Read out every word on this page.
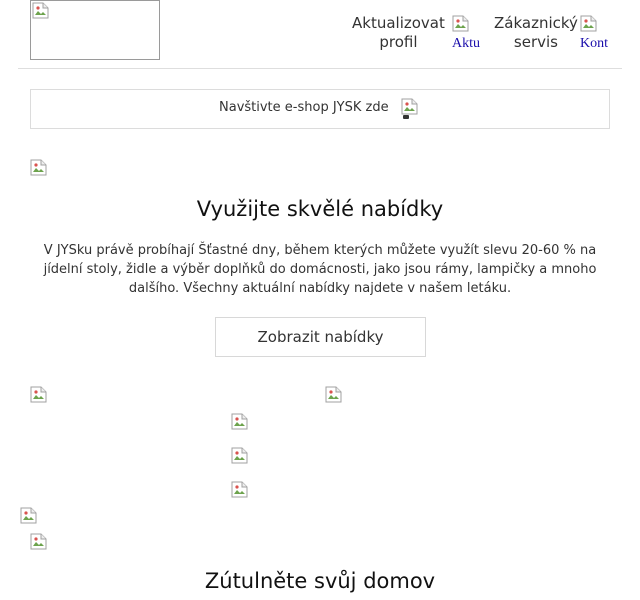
Aktualizovat
profil	Aktu
Zákaznický
servis	Kont
Navštivte e-shop JYSK zde
Využijte skvělé nabídky

V JYSku právě probíhají Šťastné dny, během kterých můžete využít slevu 20-60 % na jídelní stoly, židle a výběr doplňků do domácnosti, jako jsou rámy, lampičky a mnoho dalšího. Všechny aktuální nabídky najdete v našem letáku.

Zobrazit nabídky
Zútulněte svůj domov
